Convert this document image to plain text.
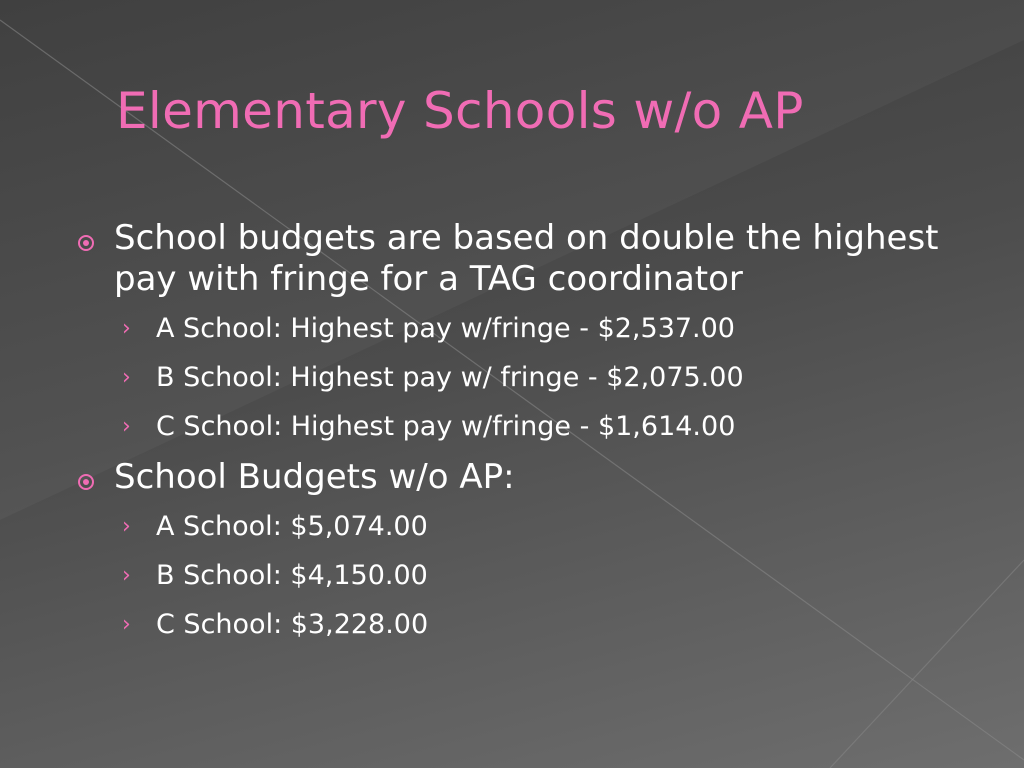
Elementary Schools w/o AP
School budgets are based on double the highest pay with fringe for a TAG coordinator
› A School: Highest pay w/fringe - $2,537.00
› B School: Highest pay w/ fringe - $2,075.00
› C School: Highest pay w/fringe - $1,614.00
School Budgets w/o AP:
› A School: $5,074.00
› B School: $4,150.00
› C School: $3,228.00
